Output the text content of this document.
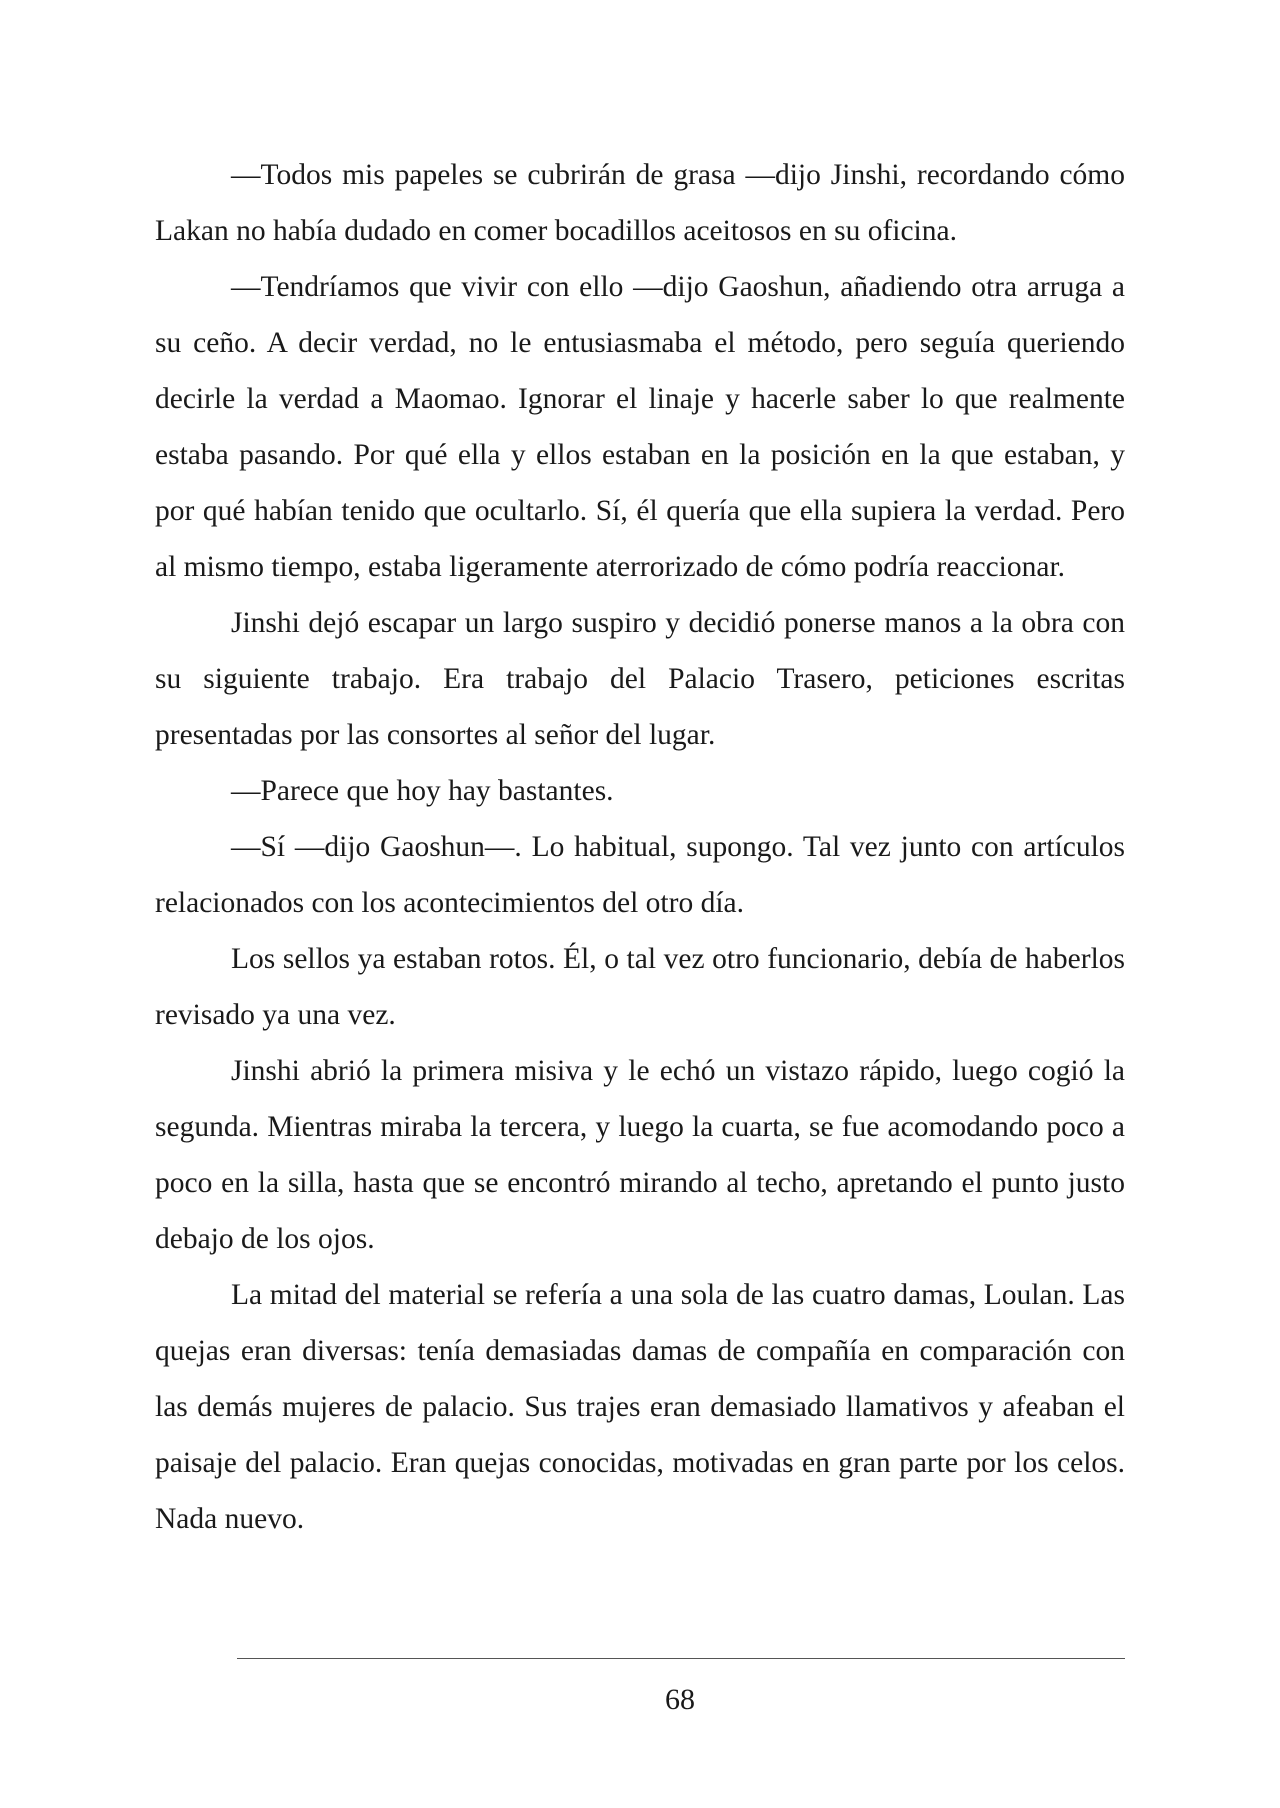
—Todos mis papeles se cubrirán de grasa —dijo Jinshi, recordando cómo Lakan no había dudado en comer bocadillos aceitosos en su oficina.

—Tendríamos que vivir con ello —dijo Gaoshun, añadiendo otra arruga a su ceño. A decir verdad, no le entusiasmaba el método, pero seguía queriendo decirle la verdad a Maomao. Ignorar el linaje y hacerle saber lo que realmente estaba pasando. Por qué ella y ellos estaban en la posición en la que estaban, y por qué habían tenido que ocultarlo. Sí, él quería que ella supiera la verdad. Pero al mismo tiempo, estaba ligeramente aterrorizado de cómo podría reaccionar.

Jinshi dejó escapar un largo suspiro y decidió ponerse manos a la obra con su siguiente trabajo. Era trabajo del Palacio Trasero, peticiones escritas presentadas por las consortes al señor del lugar.

—Parece que hoy hay bastantes.

—Sí —dijo Gaoshun—. Lo habitual, supongo. Tal vez junto con artículos relacionados con los acontecimientos del otro día.

Los sellos ya estaban rotos. Él, o tal vez otro funcionario, debía de haberlos revisado ya una vez.

Jinshi abrió la primera misiva y le echó un vistazo rápido, luego cogió la segunda. Mientras miraba la tercera, y luego la cuarta, se fue acomodando poco a poco en la silla, hasta que se encontró mirando al techo, apretando el punto justo debajo de los ojos.

La mitad del material se refería a una sola de las cuatro damas, Loulan. Las quejas eran diversas: tenía demasiadas damas de compañía en comparación con las demás mujeres de palacio. Sus trajes eran demasiado llamativos y afeaban el paisaje del palacio. Eran quejas conocidas, motivadas en gran parte por los celos. Nada nuevo.

68
